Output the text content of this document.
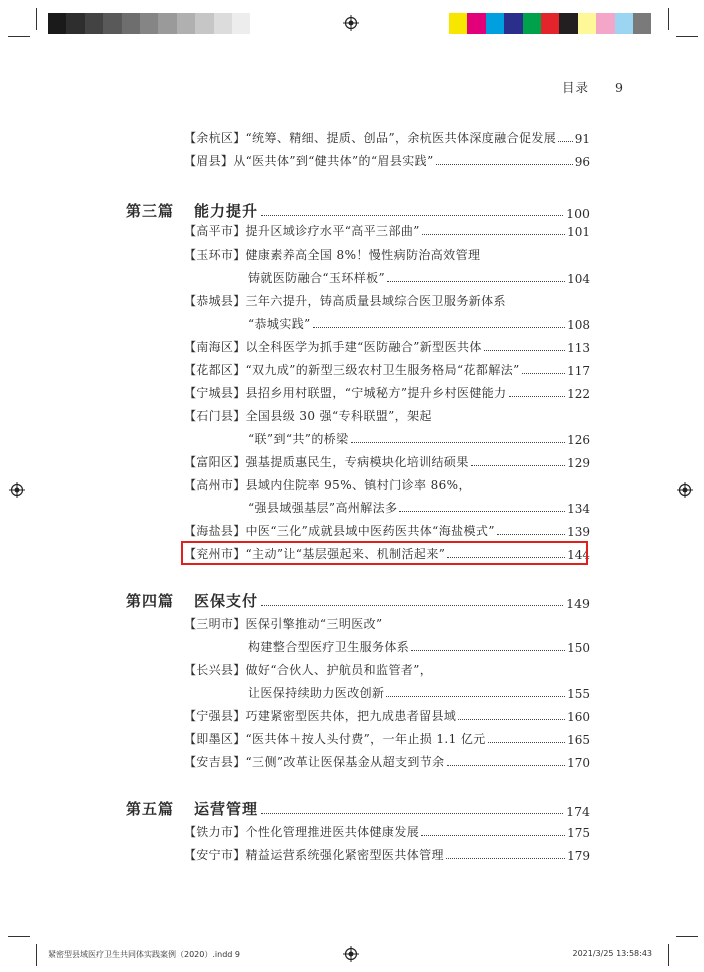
目录 9
【余杭区】 “统筹、精细、提质、创品”，余杭医共体深度融合促发展 91
【眉县】 从“医共体”到“健共体”的“眉县实践”	96
第三篇	能力提升	100
【高平市】 提升区域诊疗水平“高平三部曲”	101
【玉环市】 健康素养高全国 8%！慢性病防治高效管理
铸就医防融合“玉环样板”	104
【恭城县】 三年六提升，铸高质量县域综合医卫服务新体系
“恭城实践”	108
【南海区】 以全科医学为抓手建“医防融合”新型医共体	113
【花都区】 “双九成”的新型三级农村卫生服务格局“花都解法”	117
【宁城县】 县招乡用村联盟，“宁城秘方”提升乡村医健能力	122
【石门县】 全国县级 30 强“专科联盟”，架起
“联”到“共”的桥梁	126
【富阳区】 强基提质惠民生，专病模块化培训结硕果	129
【高州市】 县域内住院率 95%、镇村门诊率 86%，
“强县域强基层”高州解法多	134
【海盐县】 中医“三化”成就县域中医药医共体“海盐模式”	139
【兖州市】 “主动”让“基层强起来、机制活起来”	144
第四篇	医保支付	149
【三明市】 医保引擎推动“三明医改”
构建整合型医疗卫生服务体系	150
【长兴县】 做好“合伙人、护航员和监管者”，
让医保持续助力医改创新	155
【宁强县】 巧建紧密型医共体，把九成患者留县域	160
【即墨区】 “医共体＋按人头付费”，一年止损 1.1 亿元	165
【安吉县】 “三侧”改革让医保基金从超支到节余	170
第五篇	运营管理	174
【铁力市】 个性化管理推进医共体健康发展	175
【安宁市】 精益运营系统强化紧密型医共体管理	179
紧密型县域医疗卫生共同体实践案例（2020）.indd 9	2021/3/25 13:58:43
